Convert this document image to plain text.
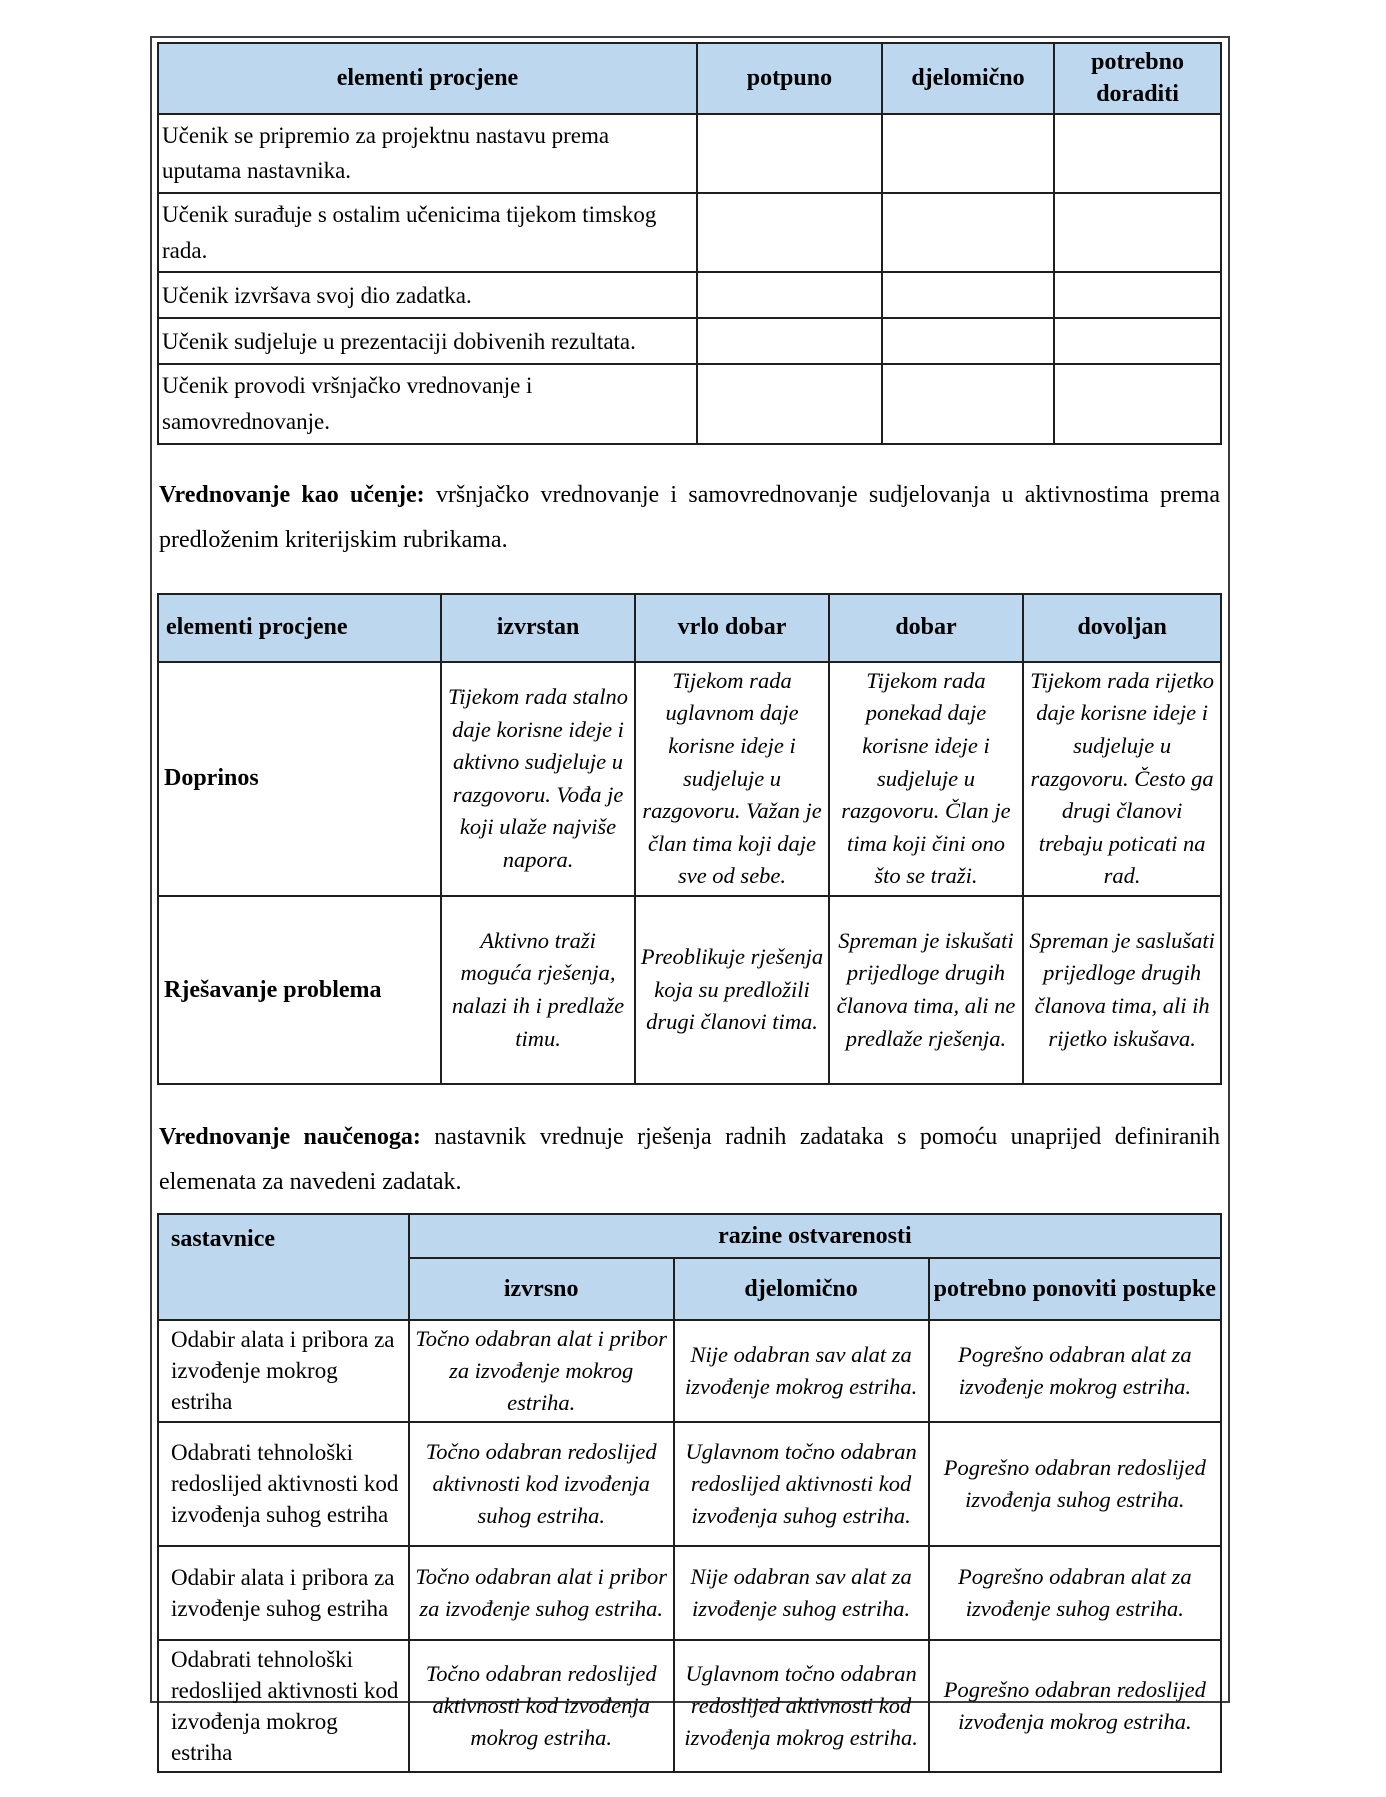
elementi procjene	potpuno	djelomično	potrebno doraditi
Učenik se pripremio za projektnu nastavu prema uputama nastavnika.			
Učenik surađuje s ostalim učenicima tijekom timskog rada.			
Učenik izvršava svoj dio zadatka.			
Učenik sudjeluje u prezentaciji dobivenih rezultata.			
Učenik provodi vršnjačko vrednovanje i samovrednovanje.			

Vrednovanje kao učenje: vršnjačko vrednovanje i samovrednovanje sudjelovanja u aktivnostima prema predloženim kriterijskim rubrikama.

elementi procjene	izvrstan	vrlo dobar	dobar	dovoljan
Doprinos	Tijekom rada stalno daje korisne ideje i aktivno sudjeluje u razgovoru. Vođa je koji ulaže najviše napora.	Tijekom rada uglavnom daje korisne ideje i sudjeluje u razgovoru. Važan je član tima koji daje sve od sebe.	Tijekom rada ponekad daje korisne ideje i sudjeluje u razgovoru. Član je tima koji čini ono što se traži.	Tijekom rada rijetko daje korisne ideje i sudjeluje u razgovoru. Često ga drugi članovi trebaju poticati na rad.
Rješavanje problema	Aktivno traži moguća rješenja, nalazi ih i predlaže timu.	Preoblikuje rješenja koja su predložili drugi članovi tima.	Spreman je iskušati prijedloge drugih članova tima, ali ne predlaže rješenja.	Spreman je saslušati prijedloge drugih članova tima, ali ih rijetko iskušava.

Vrednovanje naučenoga: nastavnik vrednuje rješenja radnih zadataka s pomoću unaprijed definiranih elemenata za navedeni zadatak.

sastavnice	razine ostvarenosti		
	izvrsno	djelomično	potrebno ponoviti postupke
Odabir alata i pribora za izvođenje mokrog estriha	Točno odabran alat i pribor za izvođenje mokrog estriha.	Nije odabran sav alat za izvođenje mokrog estriha.	Pogrešno odabran alat za izvođenje mokrog estriha.
Odabrati tehnološki redoslijed aktivnosti kod izvođenja suhog estriha	Točno odabran redoslijed aktivnosti kod izvođenja suhog estriha.	Uglavnom točno odabran redoslijed aktivnosti kod izvođenja suhog estriha.	Pogrešno odabran redoslijed izvođenja suhog estriha.
Odabir alata i pribora za izvođenje suhog estriha	Točno odabran alat i pribor za izvođenje suhog estriha.	Nije odabran sav alat za izvođenje suhog estriha.	Pogrešno odabran alat za izvođenje suhog estriha.
Odabrati tehnološki redoslijed aktivnosti kod izvođenja mokrog estriha	Točno odabran redoslijed aktivnosti kod izvođenja mokrog estriha.	Uglavnom točno odabran redoslijed aktivnosti kod izvođenja mokrog estriha.	Pogrešno odabran redoslijed izvođenja mokrog estriha.
